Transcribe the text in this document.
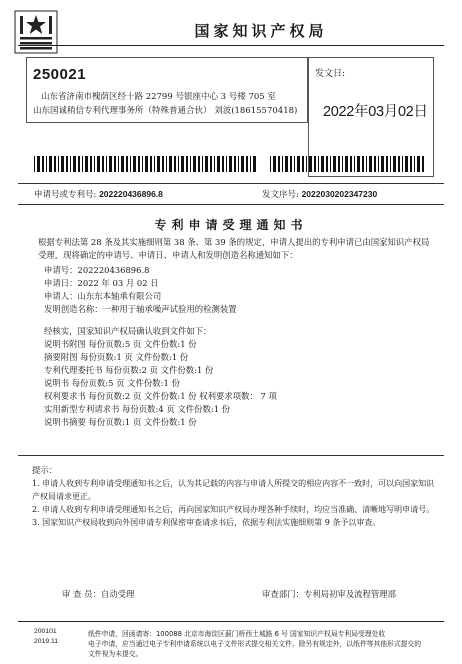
国家知识产权局
250021
山东省济南市槐荫区经十路 22799 号银座中心 3 号楼 705 室
山东国诚稍信专利代理事务所（特殊普通合伙） 刘波(18615570418)
发文日:
2022年03月02日
申请号或专利号: 202220436896.8	发文序号: 2022030202347230
专利申请受理通知书
根据专利法第 28 条及其实施细则第 38 条、第 39 条的规定，申请人提出的专利申请已由国家知识产权局受理，现将确定的申请号、申请日、申请人和发明创造名称通知如下：
申请号：202220436896.8
申请日：2022 年 03 月 02 日
申请人：山东东本轴承有限公司
发明创造名称：一种用于轴承噪声试验用的检测装置
经核实，国家知识产权局确认收到文件如下：
说明书附图 每份页数:5 页 文件份数:1 份
摘要附图 每份页数:1 页 文件份数:1 份
专利代理委托书 每份页数:2 页 文件份数:1 份
说明书 每份页数:5 页 文件份数:1 份
权利要求书 每份页数:2 页 文件份数:1 份 权利要求项数： 7 项
实用新型专利请求书 每份页数:4 页 文件份数:1 份
说明书摘要 每份页数:1 页 文件份数:1 份
提示：
1. 申请人收到专利申请受理通知书之后，认为其记载的内容与申请人所提交的相应内容不一致时，可以向国家知识产权局请求更正。
2. 申请人收到专利申请受理通知书之后，再向国家知识产权局办理各种手续时，均应当准确、清晰地写明申请号。
3. 国家知识产权局收到向外国申请专利保密审查请求书后，依据专利法实施细则第 9 条予以审查。
审 查 员：自动受理	审查部门：专利局初审及流程管理部
200101
2019.11
纸件申请，回函请寄：100088 北京市海淀区蓟门桥西土城路 6 号 国家知识产权局专利局受理处收
电子申请，应当通过电子专利申请系统以电子文件形式提交相关文件。除另有规定外，以纸件等其他形式提交的
文件视为未提交。
